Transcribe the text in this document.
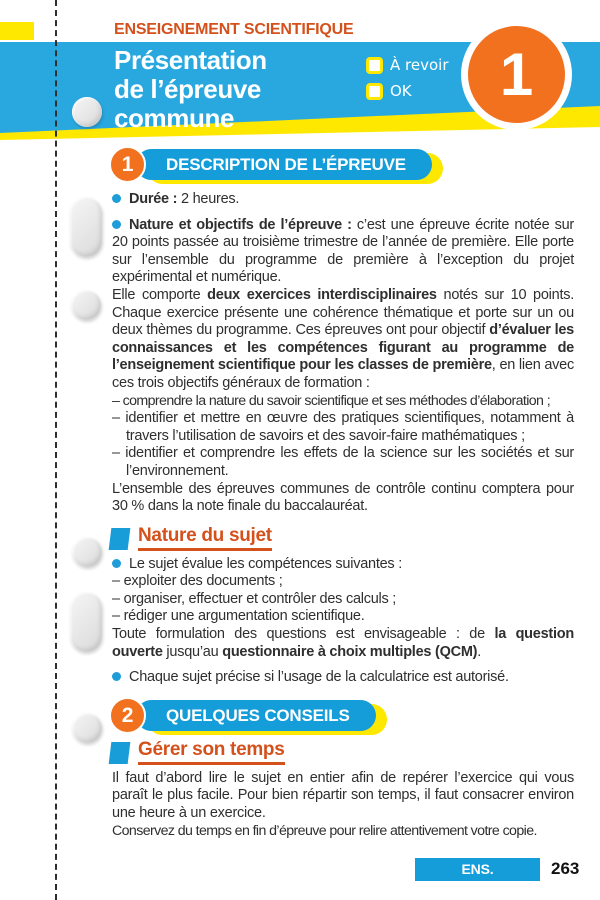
ENSEIGNEMENT SCIENTIFIQUE
Présentation
de l’épreuve
commune
À revoir
OK	1
1	DESCRIPTION DE L’ÉPREUVE

Durée : 2 heures.

Nature et objectifs de l’épreuve : c’est une épreuve écrite notée sur 20 points passée au troisième trimestre de l’année de première. Elle porte sur l’ensemble du programme de première à l’exception du projet expérimental et numérique.

Elle comporte deux exercices interdisciplinaires notés sur 10 points. Chaque exercice présente une cohérence thématique et porte sur un ou deux thèmes du programme. Ces épreuves ont pour objectif d’évaluer les connaissances et les compétences figurant au programme de l’enseignement scientifique pour les classes de première, en lien avec ces trois objectifs généraux de formation :

– comprendre la nature du savoir scientifique et ses méthodes d’élaboration ;
– identifier et mettre en œuvre des pratiques scientifiques, notamment à travers l’utilisation de savoirs et des savoir-faire mathématiques ;
– identifier et comprendre les effets de la science sur les sociétés et sur l’environnement.

L’ensemble des épreuves communes de contrôle continu comptera pour 30 % dans la note finale du baccalauréat.

Nature du sujet

Le sujet évalue les compétences suivantes :

– exploiter des documents ;
– organiser, effectuer et contrôler des calculs ;
– rédiger une argumentation scientifique.

Toute formulation des questions est envisageable : de la question ouverte jusqu’au questionnaire à choix multiples (QCM).

Chaque sujet précise si l’usage de la calculatrice est autorisé.

2	QUELQUES CONSEILS
Gérer son temps

Il faut d’abord lire le sujet en entier afin de repérer l’exercice qui vous paraît le plus facile. Pour bien répartir son temps, il faut consacrer environ une heure à un exercice.

Conservez du temps en fin d’épreuve pour relire attentivement votre copie.

ENS. SCIENTIFIQUE
263
